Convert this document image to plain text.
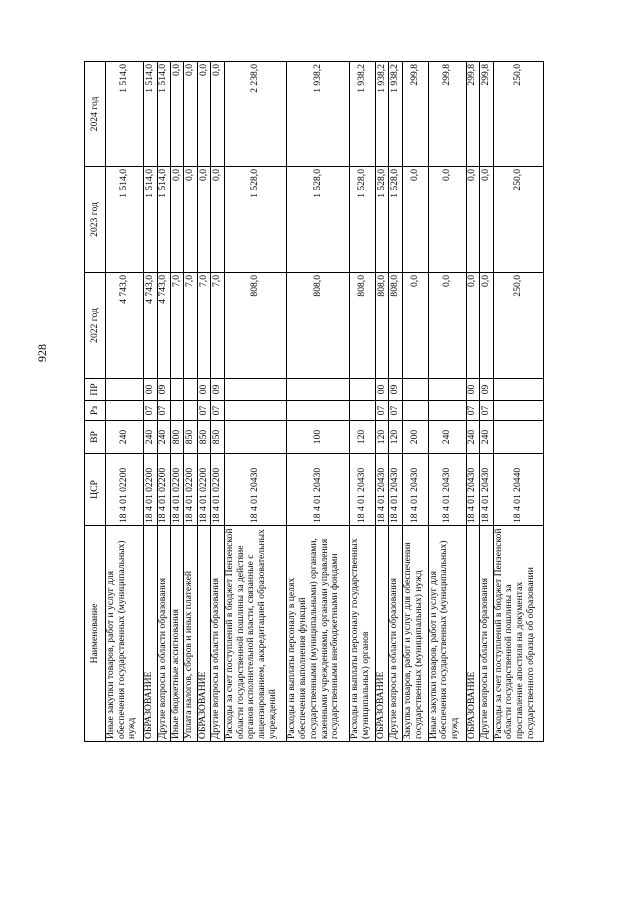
928
Наименование	ЦСР	ВР	Рз	ПР	2022 год	2023 год	2024 год
Иные закупки товаров, работ и услуг для обеспечения государственных (муниципальных) нужд	18 4 01 02200	240			4 743,0	1 514,0	1 514,0
ОБРАЗОВАНИЕ	18 4 01 02200	240	07	00	4 743,0	1 514,0	1 514,0
Другие вопросы в области образования	18 4 01 02200	240	07	09	4 743,0	1 514,0	1 514,0
Иные бюджетные ассигнования	18 4 01 02200	800			7,0	0,0	0,0
Уплата налогов, сборов и иных платежей	18 4 01 02200	850			7,0	0,0	0,0
ОБРАЗОВАНИЕ	18 4 01 02200	850	07	00	7,0	0,0	0,0
Другие вопросы в области образования	18 4 01 02200	850	07	09	7,0	0,0	0,0
Расходы за счет поступлений в бюджет Пензенской области государственной пошлины за действие органов исполнительной власти, связанные с лицензированием, аккредитацией образовательных учреждений	18 4 01 20430				808,0	1 528,0	2 238,0
Расходы на выплаты персоналу в целях обеспечения выполнения функций государственными (муниципальными) органами, казенными учреждениями, органами управления государственными внебюджетными фондами	18 4 01 20430	100			808,0	1 528,0	1 938,2
Расходы на выплаты персоналу государственных (муниципальных) органов	18 4 01 20430	120			808,0	1 528,0	1 938,2
ОБРАЗОВАНИЕ	18 4 01 20430	120	07	00	808,0	1 528,0	1 938,2
Другие вопросы в области образования	18 4 01 20430	120	07	09	808,0	1 528,0	1 938,2
Закупка товаров, работ и услуг для обеспечения государственных (муниципальных) нужд	18 4 01 20430	200			0,0	0,0	299,8
Иные закупки товаров, работ и услуг для обеспечения государственных (муниципальных) нужд	18 4 01 20430	240			0,0	0,0	299,8
ОБРАЗОВАНИЕ	18 4 01 20430	240	07	00	0,0	0,0	299,8
Другие вопросы в области образования	18 4 01 20430	240	07	09	0,0	0,0	299,8
Расходы за счет поступлений в бюджет Пензенской области государственной пошлины за проставление апостиля на документах государственного образца об образовании	18 4 01 20440				250,0	250,0	250,0
